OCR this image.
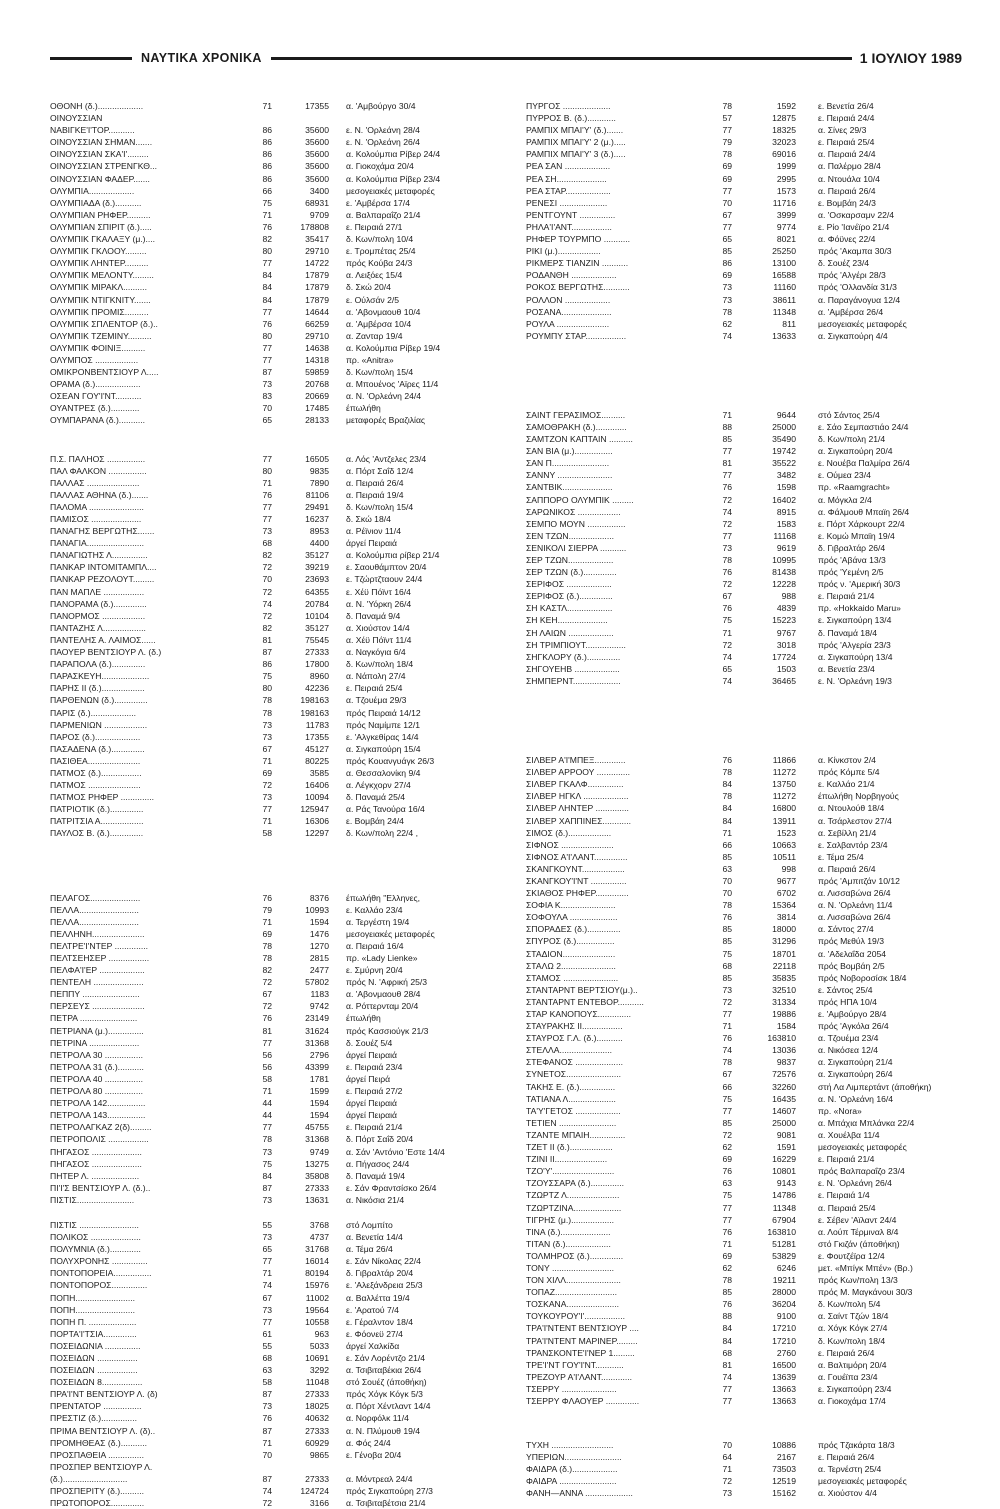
ΝΑΥΤΙΚΑ ΧΡΟΝΙΚΑ	1 ΙΟΥΛΙΟΥ 1989
ΟΘΟΝΗ (δ.)...................	71	17355 α. 'Αμβούργο 30/4
ΟΙΝΟΥΣΣΙΑΝ
ΝΑΒΙΓΚΕ'Ι'ΤΟΡ...........	86	35600 ε. Ν. 'Ορλεάνη 28/4
ΟΙΝΟΥΣΣΙΑΝ ΣΗΜΑΝ.......	86	35600 ε. Ν. 'Ορλεάνη 26/4
ΟΙΝΟΥΣΣΙΑΝ ΣΚΑ'Ι'.........	86	35600 α. Κολούμπια Ρίβερ 24/4
ΟΙΝΟΥΣΣΙΑΝ ΣΤΡΕΝΓΚΘ...	86	35600 α. Γιοκοχάμα 20/4
ΟΙΝΟΥΣΣΙΑΝ ΦΑΔΕΡ.......	86	35600 α. Κολούμπια Ρίβερ 23/4
ΟΛΥΜΠΙΑ...................	66	3400 μεσογειακές μεταφορές
ΟΛΥΜΠΙΑΔΑ (δ.)...........	75	68931 ε. 'Αμβέρσα 17/4
ΟΛΥΜΠΙΑΝ ΡΗΦΕΡ..........	71	9709 α. Βαλπαραΐζο 21/4
ΟΛΥΜΠΙΑΝ ΣΠΙΡΙΤ (δ.).....	76	178808 ε. Πειραιά 27/1
ΟΛΥΜΠΙΚ ΓΚΑΛΑΞΥ (μ.)....	82	35417 δ. Κων/πολη 10/4
ΟΛΥΜΠΙΚ ΓΚΛΟΟΥ.........	80	29710 ε. Τρομπέτας 25/4
ΟΛΥΜΠΙΚ ΛΗΝΤΕΡ..........	77	14722 πρός Κούβα 24/3
ΟΛΥΜΠΙΚ ΜΕΛΟΝΤΥ.........	84	17879 α. Λειξόες 15/4
ΟΛΥΜΠΙΚ ΜΙΡΑΚΛ..........	84	17879 δ. Σκώ 20/4
ΟΛΥΜΠΙΚ ΝΤΙΓΚΝΙΤΥ.......	84	17879 ε. Ούλσάν 2/5
ΟΛΥΜΠΙΚ ΠΡΟΜΙΣ..........	77	14644 α. 'Αβονμαουθ 10/4
ΟΛΥΜΠΙΚ ΣΠΛΕΝΤΟΡ (δ.)..	76	66259 α. 'Αμβέρσα 10/4
ΟΛΥΜΠΙΚ ΤΖΕΜΙΝΥ..........	80	29710 α. Ζανταρ 19/4
ΟΛΥΜΠΙΚ ΦΟΙΝΙΞ..........	77	14638 α. Κολούμπια Ρίβερ 19/4
ΟΛΥΜΠΟΣ ..................	77	14318 πρ. «Anitra»
ΟΜΙΚΡΟΝΒΕΝΤΣΙΟΥΡ Λ.....	87	59859 δ. Κων/πολη 15/4
ΟΡΑΜΑ (δ.)...................	73	20768 α. Μπουένος 'Αϊρες 11/4
ΟΣΕΑΝ ΓΟΥ'Ι'ΝΤ...........	83	20669 α. Ν. 'Ορλεάνη 24/4
ΟΥΑΝΤΡΕΣ (δ.)............	70	17485 έπωλήθη
ΟΥΜΠΑΡΑΝΑ (δ.)...........	65	28133 μεταφορές Βραζιλίας
Π.Σ. ΠΑΛΗΟΣ ................	77	16505 α. Λός 'Αντζελες 23/4
ΠΑΛ ΦΑΛΚΟΝ ................	80	9835 α. Πόρτ Σαΐδ 12/4
ΠΑΛΛΑΣ ......................	71	7890 α. Πειραιά 26/4
ΠΑΛΛΑΣ ΑΘΗΝΑ (δ.).......	76	81106 α. Πειραιά 19/4
ΠΑΛΟΜΑ .......................	77	29491 δ. Κων/πολη 15/4
ΠΑΜΙΣΟΣ .....................	77	16237 δ. Σκώ 18/4
ΠΑΝΑΓΗΣ ΒΕΡΓΩΤΗΣ.......	73	8953 α. Ρέϊνιον 11/4
ΠΑΝΑΓΙΑ........................	68	4400 άργεί Πειραιά
ΠΑΝΑΓΙΩΤΗΣ Λ...............	82	35127 α. Κολούμπια ρίβερ 21/4
ΠΑΝΚΑΡ ΙΝΤΟΜΙΤΑΜΠΛ....	72	39219 ε. Σαουθάμπτον 20/4
ΠΑΝΚΑΡ ΡΕΖΟΛΟΥΤ.........	70	23693 ε. Τζώρτζταουν 24/4
ΠΑΝ ΜΑΠΛΕ .................	72	64355 ε. Χέϋ Πόϊντ 16/4
ΠΑΝΟΡΑΜΑ (δ.)..............	74	20784 α. Ν. 'Υόρκη 26/4
ΠΑΝΟΡΜΟΣ ..................	72	10104 δ. Παναμά 9/4
ΠΑΝΤΑΖΗΣ Λ..................	82	35127 α. Χιούστον 14/4
ΠΑΝΤΕΛΗΣ Α. ΛΑΙΜΟΣ......	81	75545 α. Χέϋ Πόϊντ 11/4
ΠΑΟΥΕΡ ΒΕΝΤΣΙΟΥΡ Λ. (δ.)	87	27333 α. Ναγκόγια 6/4
ΠΑΡΑΠΟΛΑ (δ.)..............	86	17800 δ. Κων/πολη 18/4
ΠΑΡΑΣΚΕΥΗ....................	75	8960 α. Νάπολη 27/4
ΠΑΡΗΣ ΙΙ (δ.)..................	80	42236 ε. Πειραιά 25/4
ΠΑΡΘΕΝΩΝ (δ.)..............	78	198163 α. Τζουέμα 29/3
ΠΑΡΙΣ (δ.)...................	78	198163 πρός Πειραιά 14/12
ΠΑΡΜΕΝΙΩΝ ..................	73	11783 πρός Ναμίμπε 12/1
ΠΑΡΟΣ (δ.)...................	73	17355 ε. 'Αλγκεθίρας 14/4
ΠΑΣΑΔΕΝΑ (δ.)..............	67	45127 α. Σιγκαπούρη 15/4
ΠΑΣΙΘΕΑ......................	71	80225 πρός Κουανγυάγκ 26/3
ΠΑΤΜΟΣ (δ.).................	69	3585 α. Θεσσαλονίκη 9/4
ΠΑΤΜΟΣ ......................	72	16406 α. Λέγκχορν 27/4
ΠΑΤΜΟΣ ΡΗΦΕΡ ..............	73	10094 δ. Παναμά 25/4
ΠΑΤΡΙΟΤΙΚ (δ.)..............	77	125947 α. Ράς Τανούρα 16/4
ΠΑΤΡΙΤΣΙΑ Α..................	71	16306 ε. Βομβάη 24/4
ΠΑΥΛΟΣ Β. (δ.)..............	58	12297 δ. Κων/πολη 22/4 ,
ΠΕΛΑΓΟΣ.....................	76	8376 έπωλήθη "Ελληνες,
ΠΕΛΛΑ.........................	79	10993 ε. Καλλάο 23/4
ΠΕΛΛΑ.........................	71	1594 α. Τεργέστη 19/4
ΠΕΛΛΗΝΗ......................	69	1476 μεσογειακές μεταφορές
ΠΕΛΤΡΕ'Ι'ΝΤΕΡ ..............	78	1270 α. Πειραιά 16/4
ΠΕΛΤΣΕΗΣΕΡ .................	78	2815 πρ. «Lady Lienke»
ΠΕΛΦΑ'Ι'ΕΡ ...................	82	2477 ε. Σμύρνη 20/4
ΠΕΝΤΕΛΗ .....................	72	57802 πρός Ν. 'Αφρική 25/3
ΠΕΠΠΥ ........................	67	1183 α. 'Αβονμαουθ 28/4
ΠΕΡΣΕΥΣ ......................	72	9742 α. Ρόττερνταμ 20/4
ΠΕΤΡΑ ........................	76	23149 έπωλήθη
ΠΕΤΡΙΑΝΑ (μ.)...............	81	31624 πρός Κασσιούγκ 21/3
ΠΕΤΡΙΝΑ .....................	77	31368 δ. Σουέζ 5/4
ΠΕΤΡΟΛΑ 30 ................	56	2796 άργεί Πειραιά
ΠΕΤΡΟΛΑ 31 (δ.)...........	56	43399 ε. Πειραιά 23/4
ΠΕΤΡΟΛΑ 40 ................	58	1781 άργεί Πειρά
ΠΕΤΡΟΛΑ 80 ................	71	1599 ε. Πειραιά 27/2
ΠΕΤΡΟΛΑ 142................	44	1594 άργεί Πειραιά
ΠΕΤΡΟΛΑ 143................	44	1594 άργεί Πειραιά
ΠΕΤΡΟΛΑΓΚΑΖ 2(δ).........	77	45755 ε. Πειραιά 21/4
ΠΕΤΡΟΠΟΛΙΣ .................	78	31368 δ. Πόρτ Σαΐδ 20/4
ΠΗΓΑΣΟΣ .....................	73	9749 α. Σάν 'Αντόνιο 'Εστε 14/4
ΠΗΓΑΣΟΣ .....................	75	13275 α. Πήγασος 24/4
ΠΗΤΕΡ Λ. ....................	84	35808 δ. Παναμά 19/4
ΠΙ'Ι'Σ ΒΕΝΤΣΙΟΥΡ Λ. (δ.)..	87	27333 ε. Σάν Φραντσίσκο 26/4
ΠΙΣΤΙΣ........................	73	13631 α. Νικόσια 21/4
ΠΙΣΤΙΣ .........................	55	3768 στό Λομπίτο
ΠΟΛΙΚΟΣ .....................	73	4737 α. Βενετία 14/4
ΠΟΛΥΜΝΙΑ (δ.).............	65	31768 α. Τέμα 26/4
ΠΟΛΥΧΡΟΝΗΣ ...............	77	16014 ε. Σάν Νίκολας 22/4
ΠΟΝΤΟΠΟΡΕΙΑ................	71	80194 δ. Γιβραλτάρ 20/4
ΠΟΝΤΟΠΟΡΟΣ...............	74	15976 ε. 'Αλεξάνδρεια 25/3
ΠΟΠΗ.........................	67	11002 α. Βαλλέττα 19/4
ΠΟΠΗ.........................	73	19564 ε. 'Αρατού 7/4
ΠΟΠΗ Π. ....................	77	10558 ε. Γέραλντον 18/4
ΠΟΡΤΑ'Ι'ΤΣΙΑ..............	61	963 ε. Φόονεϋ 27/4
ΠΟΣΕΙΔΩΝΙΑ ...............	55	5033 άργεί Χαλκίδα
ΠΟΣΕΙΔΩΝ .................	68	10691 ε. Σάν Λορέντζο 21/4
ΠΟΣΕΙΔΩΝ .................	63	3292 α. Τσιβιταβέκια 26/4
ΠΟΣΕΙΔΩΝ 8.................	58	11048 στό Σουέζ (άποθήκη)
ΠΡΑ'Ι'ΝΤ ΒΕΝΤΣΙΟΥΡ Λ. (δ)	87	27333 πρός Χόγκ Κόγκ 5/3
ΠΡΕΝΤΑΤΟΡ ................	73	18025 α. Πόρτ Χέντλαντ 14/4
ΠΡΕΣΤΙΖ (δ.)...............	76	40632 α. Νορφόλκ 11/4
ΠΡΙΜΑ ΒΕΝΤΣΙΟΥΡ Λ. (δ)..	87	27333 α. Ν. Πλύμουθ 19/4
ΠΡΟΜΗΘΕΑΣ (δ.)...........	71	60929 α. Φός 24/4
ΠΡΟΣΠΑΘΕΙΑ ...............	70	9865 ε. Γένοβα 20/4
ΠΡΟΣΠΕΡ ΒΕΝΤΣΙΟΥΡ Λ.
(δ.)...........................	87	27333 α. Μόντρεαλ 24/4
ΠΡΟΣΠΕΡΙΤΥ (δ.)..........	74	124724 πρός Σιγκαπούρη 27/3
ΠΡΩΤΟΠΟΡΟΣ..............	72	3166 α. Τσιβιταβέτσια 21/4
ΠΥΡΓΟΣ ....................	78	1592	ε. Βενετία 26/4
ΠΥΡΡΟΣ Β. (δ.)............	57	12875	ε. Πειραιά 24/4
ΡΑΜΠΙΧ ΜΠΑΙ'Υ' (δ.).......	77	18325	α. Σίνες 29/3
ΡΑΜΠΙΧ ΜΠΑΙ'Υ' 2 (μ.).....	79	32023	ε. Πειραιά 25/4
ΡΑΜΠΙΧ ΜΠΑΙ'Υ' 3 (δ.).....	78	69016	α. Πειραιά 24/4
ΡΕΑ ΣΑΝ ...................	69	1999	α. Παλέρμο 28/4
ΡΕΑ ΣΗ.....................	69	2995	α. Ντουάλα 10/4
ΡΕΑ ΣΤΑΡ...................	77	1573	α. Πειραιά 26/4
ΡΕΝΕΣΙ ....................	70	11716	ε. Βομβάη 24/3
ΡΕΝΤΓΟΥΝΤ ...............	67	3999	α. 'Οσκαρσαμν 22/4
ΡΗΛΑ'Ι'ΑΝΤ.................	77	9774	ε. Ρίο 'Ιανέϊρο 21/4
ΡΗΦΕΡ ΤΟΥΡΜΠΟ ...........	65	8021	α. Φόϋνες 22/4
ΡΙΚΙ (μ.)..................	85	25250	πρός 'Ακαμπα 30/3
ΡΙΚΜΕΡΣ ΤΙΑΝΖΙΝ ...........	86	13100	δ. Σουέζ 23/4
ΡΟΔΑΝΘΗ ...................	69	16588	πρός 'Αλγέρι 28/3
ΡΟΚΟΣ ΒΕΡΓΩΤΗΣ...........	73	11160	πρός 'Ολλανδία 31/3
ΡΟΛΛΟΝ ...................	73	38611	α. Παραγάνογυα 12/4
ΡΟΣΑΝΑ.....................	78	11348	α. 'Αμβέρσα 26/4
ΡΟΥΛΑ ......................	62	811	μεσογειακές μεταφορές
ΡΟΥΜΠΥ ΣΤΑΡ.................	74	13633	α. Σιγκαπούρη 4/4
ΣΑΙΝΤ ΓΕΡΑΣΙΜΟΣ..........	71	9644	στό Σάντος 25/4
ΣΑΜΟΘΡΑΚΗ (δ.).............	88	25000	ε. Σάο Σεμπαστιάο 24/4
ΣΑΜΤΖΟΝ ΚΑΠΤΑΙΝ ..........	85	35490	δ. Κων/πολη 21/4
ΣΑΝ ΒΙΑ (μ.)................	77	19742	α. Σιγκαπούρη 20/4
ΣΑΝ Π........................	81	35522	ε. Νουέβα Παλμίρα 26/4
ΣΑΝΝΥ .......................	77	3482	ε. Ούμεα 23/4
ΣΑΝΤΒΙΚ.....................	76	1598	πρ. «Raamgracht»
ΣΑΠΠΟΡΟ ΟΛΥΜΠΙΚ .........	72	16402	α. Μόγκλα 2/4
ΣΑΡΩΝΙΚΟΣ ..................	74	8915	α. Φάλμουθ Μπαϊη 26/4
ΣΕΜΠΟ ΜΟΥΝ ................	72	1583	ε. Πόρτ Χάρκουρτ 22/4
ΣΕΝ ΤΖΩΝ...................	77	11168	ε. Κομώ Μπαϊη 19/4
ΣΕΝΙΚΟΛΙ ΣΙΕΡΡΑ ...........	73	9619	δ. Γιβραλτάρ 26/4
ΣΕΡ ΤΖΩΝ...................	78	10995	πρός 'Αβάνα 13/3
ΣΕΡ ΤΖΩΝ (δ.)..............	76	81438	πρός 'Υεμένη 2/5
ΣΕΡΙΦΟΣ ...................	72	12228	πρός ν. 'Αμερική 30/3
ΣΕΡΙΦΟΣ (δ.)..............	67	988	ε. Πειραιά 21/4
ΣΗ ΚΑΣΤΛ...................	76	4839	πρ. «Hokkaido Maru»
ΣΗ ΚΕΗ.....................	75	15223	ε. Σιγκαπούρη 13/4
ΣΗ ΛΑΙΩΝ ...................	71	9767	δ. Παναμά 18/4
ΣΗ ΤΡΙΜΠΙΟΥΤ.................	72	3018	πρός 'Αλγερία 23/3
ΣΗΓΚΛΟΡΥ (δ.)..............	74	17724	α. Σιγκαπούρη 13/4
ΣΗΓΟΥΕΗΒ ...................	65	1503	α. Βενετία 23/4
ΣΗΜΠΕΡΝΤ....................	74	36465	ε. Ν. 'Ορλεάνη 19/3
ΣΙΛΒΕΡ Α'Ι'ΜΠΕΞ.............	76	11866	α. Κίνκστον 2/4
ΣΙΛΒΕΡ ΑΡΡΟΟΥ ..............	78	11272	πρός Κόμπε 5/4
ΣΙΛΒΕΡ ΓΚΑΛΦ...............	84	13750	ε. Καλλάο 21/4
ΣΙΛΒΕΡ ΗΓΚΛ ...................	78	11272	έπωλήθη Νορβηγούς
ΣΙΛΒΕΡ ΛΗΝΤΕΡ ..............	84	16800	α. Ντουλούθ 18/4
ΣΙΛΒΕΡ ΧΑΠΠΙΝΕΣ............	84	13911	α. Τσάρλεστον 27/4
ΣΙΜΟΣ (δ.)..................	71	1523	α. Σεβίλλη 21/4
ΣΙΦΝΟΣ ......................	66	10663	ε. Σαλβαντόρ 23/4
ΣΙΦΝΟΣ Α'Ι'ΛΑΝΤ..............	85	10511	ε. Τέμα 25/4
ΣΚΑΝΓΚΟΥΝΤ..................	63	998	α. Πειραιά 26/4
ΣΚΑΝΓΚΟΥ'Ι'ΝΤ ...............	70	9677	πρός 'Αμπιτζάν 10/12
ΣΚΙΑΘΟΣ ΡΗΦΕΡ..............	70	6702	α. Λισσαβώνα 26/4
ΣΟΦΙΑ Κ.......................	78	15364	α. Ν. 'Ορλεάνη 11/4
ΣΟΦΟΥΛΑ ....................	76	3814	α. Λισσαβώνα 26/4
ΣΠΟΡΑΔΕΣ (δ.)..............	85	18000	α. Σάντος 27/4
ΣΠΥΡΟΣ (δ.)................	85	31296	πρός Μεθύλ 19/3
ΣΤΑΔΙΟΝ......................	75	18701	α. 'Αδελαΐδα 2054
ΣΤΑΛΩ 2.......................	68	22118	πρός Βομβάη 2/5
ΣΤΑΜΟΣ .......................	85	35835	πρός Νοβοροσίσκ 18/4
ΣΤΑΝΤΑΡΝΤ ΒΕΡΤΣΙΟΥ(μ.)..	73	32510	ε. Σάντος 25/4
ΣΤΑΝΤΑΡΝΤ ΕΝΤΕΒΟΡ...........	72	31334	πρός ΗΠΑ 10/4
ΣΤΑΡ ΚΑΝΟΠΟΥΣ..............	77	19886	ε. 'Αμβούργο 28/4
ΣΤΑΥΡΑΚΗΣ ΙΙ.................	71	1584	πρός 'Αγκόλα 26/4
ΣΤΑΥΡΟΣ Γ.Λ. (δ.)...........	76	163810	α. Τζουέμα 23/4
ΣΤΕΛΛΑ......................	74	13036	α. Νικόσεα 12/4
ΣΤΕΦΑΝΟΣ ....................	78	9837	α. Σιγκαπούρη 21/4
ΣΥΝΕΤΟΣ.......................	67	72576	α. Σιγκαπούρη 26/4
ΤΑΚΗΣ Ε. (δ.)...............	66	32260	στή Λα Λιμπερτάντ (άποθήκη)
ΤΑΤΙΑΝΑ Λ....................	75	16435	α. Ν. 'Ορλεάνη 16/4
ΤΑ'Υ'ΓΕΤΟΣ ...................	77	14607	πρ. «Nora»
ΤΕΤΙΕΝ ........................	85	25000	α. Μπάχια Μπλάνκα 22/4
ΤΖΑΝΤΕ ΜΠΑΙΗ...............	72	9081	α. Χουέλβα 11/4
ΤΖΕΤ ΙΙ (δ.)..................	62	1591	μεσογειακές μεταφορές
ΤΖΙΝΙ ΙΙ......................	69	16229	ε. Πειραιά 21/4
ΤΖΟ'Υ'..........................	76	10801	πρός Βαλπαραΐζο 23/4
ΤΖΟΥΣΣΑΡΑ (δ.)..............	63	9143	ε. Ν. 'Ορλεάνη 26/4
ΤΖΩΡΤΖ Λ......................	75	14786	ε. Πειραιά 1/4
ΤΖΩΡΤΖΙΝΑ....................	77	11348	α. Πειραιά 25/4
ΤΙΓΡΗΣ (μ.)..................	77	67904	ε. Σέβεν 'Αϊλαντ 24/4
ΤΙΝΑ (δ.).....................	76	163810	α. Λούπ Τέρμιναλ 8/4
ΤΙΤΑΝ (δ.)...................	71	51281	στό Γκιζάν (άποθήκη)
ΤΟΛΜΗΡΟΣ (δ.)..............	69	53829	ε. Φουτζέϊρα 12/4
ΤΟΝΥ ..........................	62	6246	μετ. «Μπίγκ Μπέν» (Βρ.)
ΤΟΝ ΧΙΛΛ.......................	78	19211	πρός Κων/πολη 13/3
ΤΟΠΑΖ..........................	85	28000	πρός Μ. Μαγκάνουι 30/3
ΤΟΣΚΑΝΑ......................	76	36204	δ. Κων/πολη 5/4
ΤΟΥΚΟΥΡΟΥ'Ι'.................	88	9100	α. Σαίντ Τζών 18/4
ΤΡΑ'Ι'ΝΤΕΝΤ ΒΕΝΤΣΙΟΥΡ ....	84	17210	α. Χόγκ Κόγκ 27/4
ΤΡΑ'Ι'ΝΤΕΝΤ ΜΑΡΙΝΕΡ.........	84	17210	δ. Κων/πολη 18/4
ΤΡΑΝΣΚΟΝΤΕ'Ι'ΝΕΡ 1.........	68	2760	ε. Πειραιά 26/4
ΤΡΕ'Ι'ΝΤ ΓΟΥ'Ι'ΝΤ............	81	16500	α. Βαλτιμόρη 20/4
ΤΡΕΖΟΥΡ Α'Ι'ΛΑΝΤ.............	74	13639	α. Γουέϊπα 23/4
ΤΣΕΡΡΥ .......................	77	13663	ε. Σιγκαπούρη 23/4
ΤΣΕΡΡΥ ΦΛΑΟΥΕΡ ..............	77	13663	α. Γιοκοχάμα 17/4
ΤΥΧΗ ..........................	70	10886	πρός Τζακάρτα 18/3
ΥΠΕΡΙΩΝ........................	64	2167	ε. Πειραιά 26/4
ΦΑΙΔΡΑ (δ.)...................	71	73503	α. Τερνέστη 25/4
ΦΑΙΔΡΑ ........................	72	12519	μεσογειακές μεταφορές
ΦΑΝΗ—ΑΝΝΑ ....................	73	15162	α. Χιούστον 4/4
